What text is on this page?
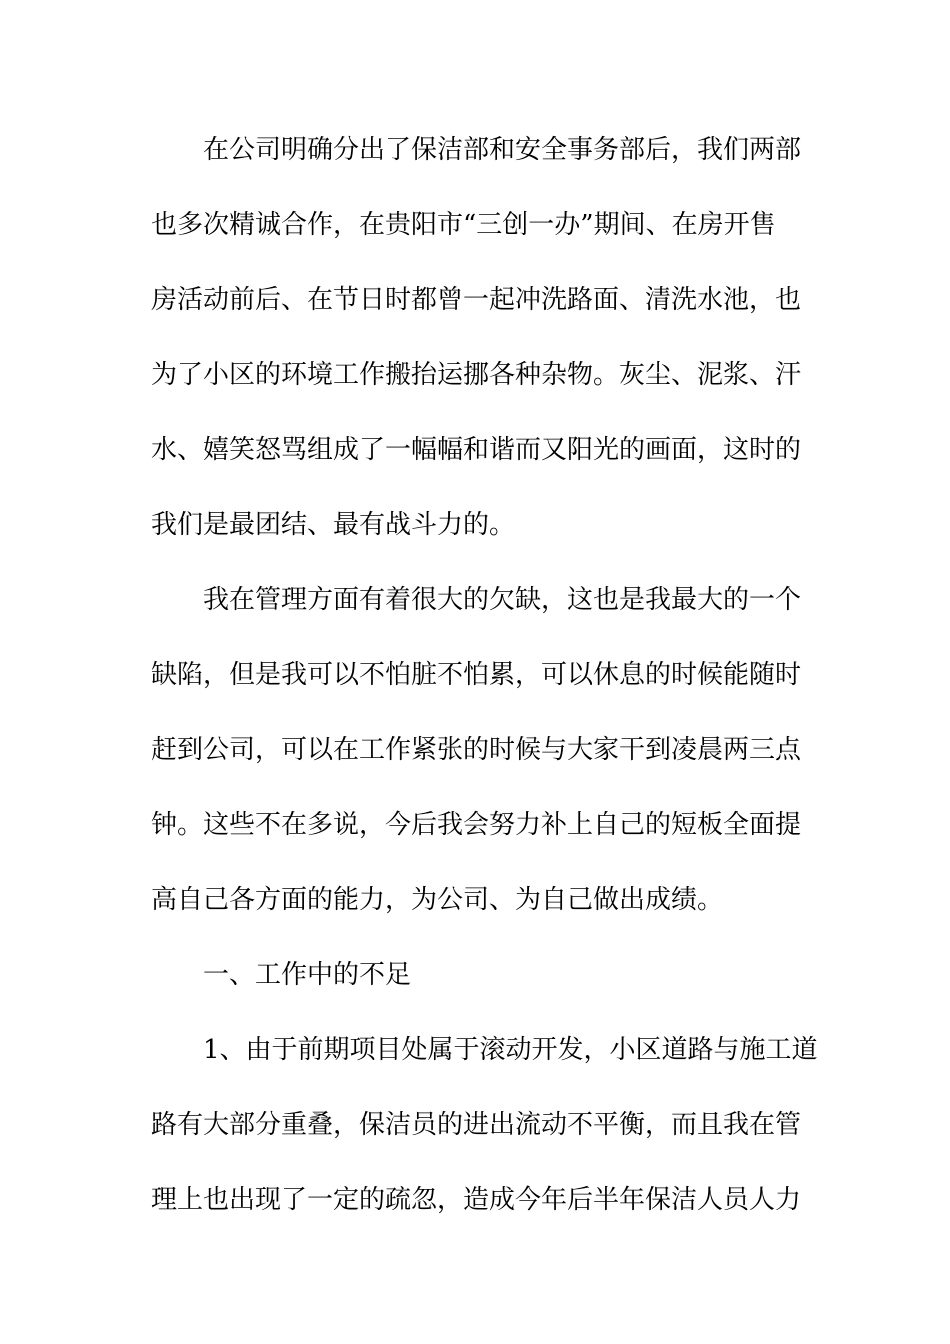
在公司明确分出了保洁部和安全事务部后，我们两部
也多次精诚合作，在贵阳市“三创一办”期间、在房开售
房活动前后、在节日时都曾一起冲洗路面、清洗水池，也
为了小区的环境工作搬抬运挪各种杂物。灰尘、泥浆、汗
水、嬉笑怒骂组成了一幅幅和谐而又阳光的画面，这时的
我们是最团结、最有战斗力的。
我在管理方面有着很大的欠缺，这也是我最大的一个
缺陷，但是我可以不怕脏不怕累，可以休息的时候能随时
赶到公司，可以在工作紧张的时候与大家干到凌晨两三点
钟。这些不在多说，今后我会努力补上自己的短板全面提
高自己各方面的能力，为公司、为自己做出成绩。
一、工作中的不足
1、由于前期项目处属于滚动开发，小区道路与施工道
路有大部分重叠，保洁员的进出流动不平衡，而且我在管
理上也出现了一定的疏忽，造成今年后半年保洁人员人力
